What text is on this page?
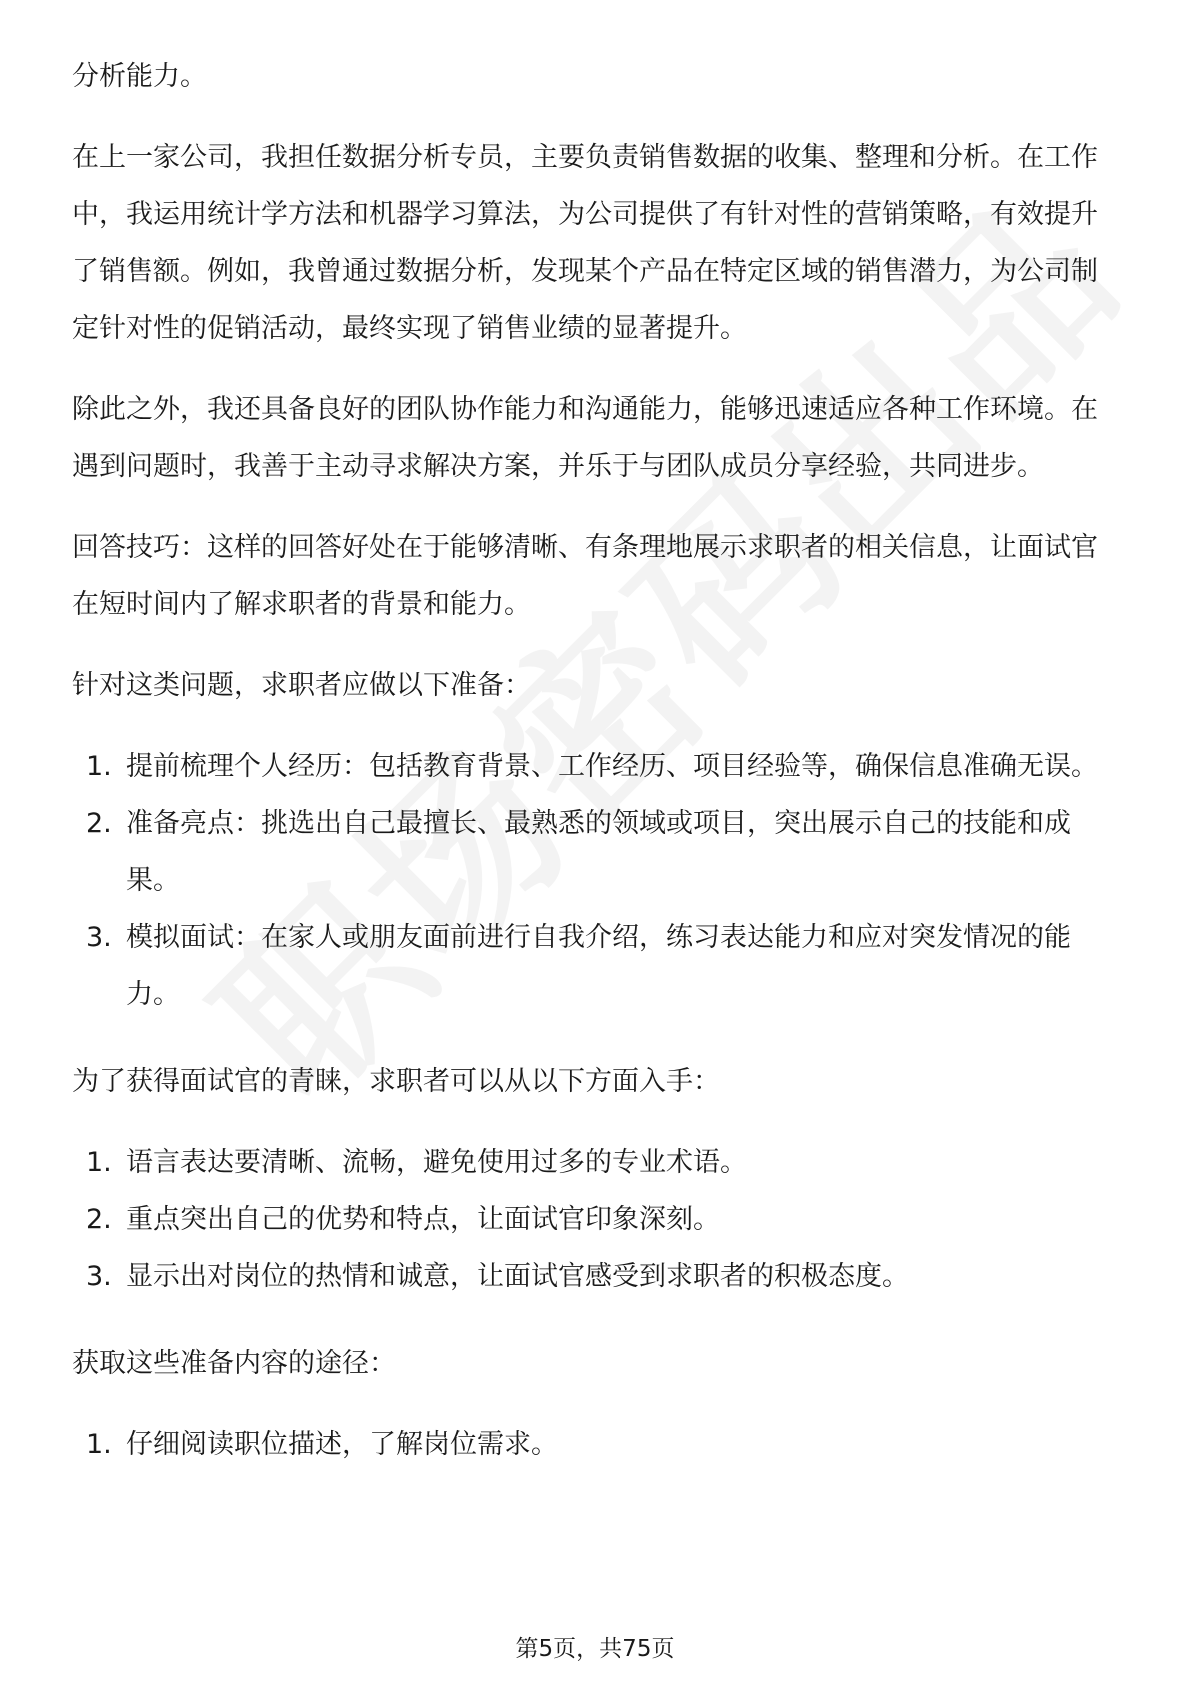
分析能力。

在上一家公司，我担任数据分析专员，主要负责销售数据的收集、整理和分析。在工作中，我运用统计学方法和机器学习算法，为公司提供了有针对性的营销策略，有效提升了销售额。例如，我曾通过数据分析，发现某个产品在特定区域的销售潜力，为公司制定针对性的促销活动，最终实现了销售业绩的显著提升。

除此之外，我还具备良好的团队协作能力和沟通能力，能够迅速适应各种工作环境。在遇到问题时，我善于主动寻求解决方案，并乐于与团队成员分享经验，共同进步。

回答技巧：这样的回答好处在于能够清晰、有条理地展示求职者的相关信息，让面试官在短时间内了解求职者的背景和能力。

针对这类问题，求职者应做以下准备：

1. 提前梳理个人经历：包括教育背景、工作经历、项目经验等，确保信息准确无误。
2. 准备亮点：挑选出自己最擅长、最熟悉的领域或项目，突出展示自己的技能和成果。
3. 模拟面试：在家人或朋友面前进行自我介绍，练习表达能力和应对突发情况的能力。

为了获得面试官的青睐，求职者可以从以下方面入手：

1. 语言表达要清晰、流畅，避免使用过多的专业术语。
2. 重点突出自己的优势和特点，让面试官印象深刻。
3. 显示出对岗位的热情和诚意，让面试官感受到求职者的积极态度。

获取这些准备内容的途径：

1. 仔细阅读职位描述，了解岗位需求。
第5页，共75页
